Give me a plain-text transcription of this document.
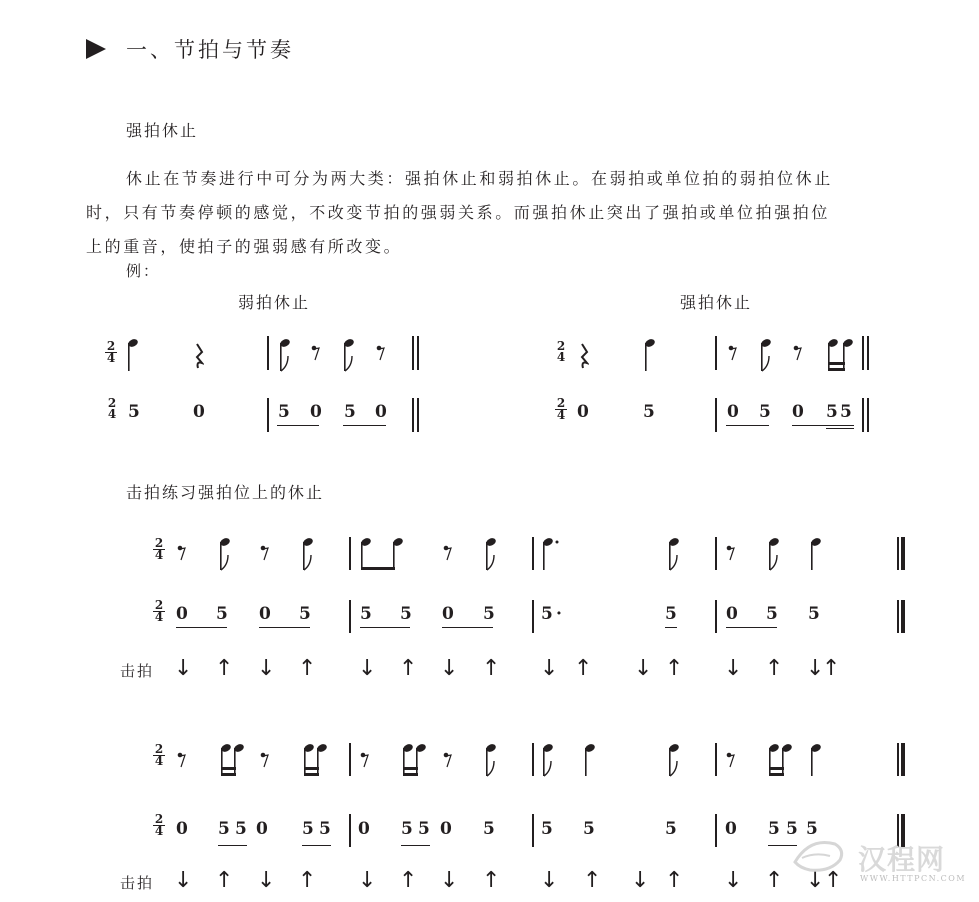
一、节拍与节奏
强拍休止
休止在节奏进行中可分为两大类：强拍休止和弱拍休止。在弱拍或单位拍的弱拍位休止
时，只有节奏停顿的感觉，不改变节拍的强弱关系。而强拍休止突出了强拍或单位拍强拍位
上的重音，使拍子的强弱感有所改变。
例：
弱拍休止
2
4
2
4 5	0	5 0 5 0
强拍休止
2
4
2
4 0	5	0 5 0 5 5
击拍练习强拍位上的休止
2
4
2
4 0 5 0 5	5 5 0 5	5 ·	5	0 5 5
击拍 ↓ ↑ ↓ ↑ ↓ ↑ ↓ ↑ ↓ ↑ ↓ ↑ ↓ ↑ ↓
↑
2
4
2
4 0 5 5 0 5 5 0 5 5 0 5	5 5	5	0 5 5 5
击拍 ↓ ↑ ↓ ↑ ↓ ↑ ↓ ↑ ↓ ↑ ↓ ↑ ↓ ↑ ↓ ↑
汉程网
WWW.HTTPCN.COM
